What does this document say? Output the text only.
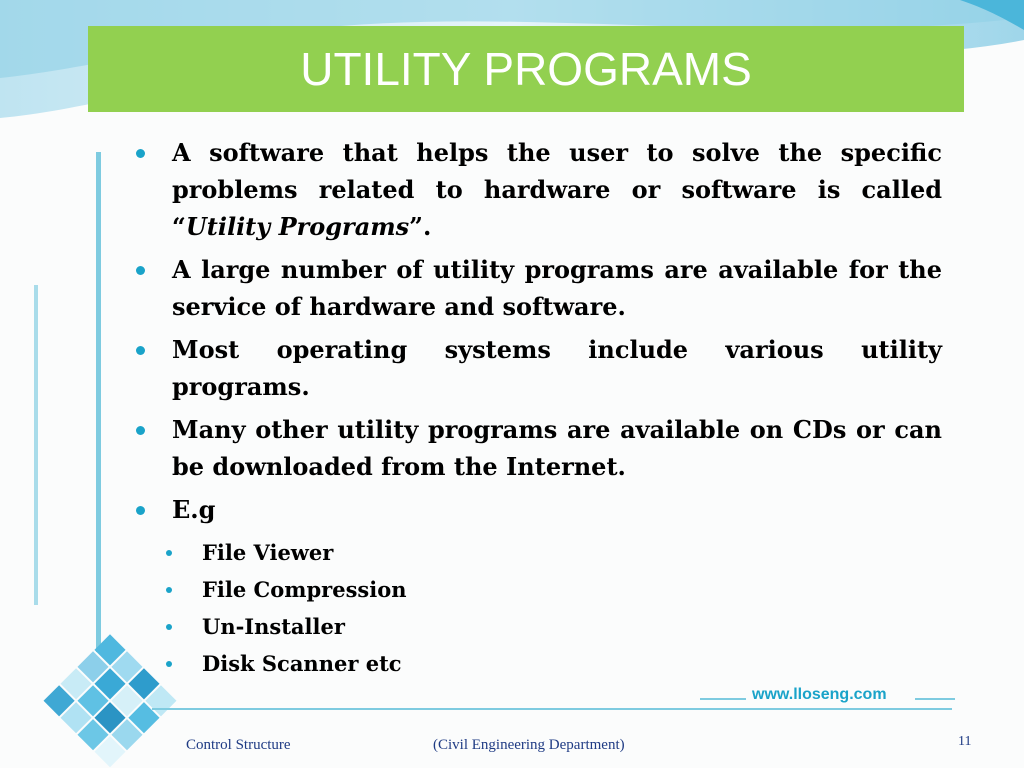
UTILITY PROGRAMS
A software that helps the user to solve the specific problems related to hardware or software is called “Utility Programs”.
A large number of utility programs are available for the service of hardware and software.
Most operating systems include various utility programs.
Many other utility programs are available on CDs or can be downloaded from the Internet.
E.g
File Viewer
File Compression
Un-Installer
Disk Scanner etc
www.lloseng.com
Control Structure	(Civil Engineering Department)	11
